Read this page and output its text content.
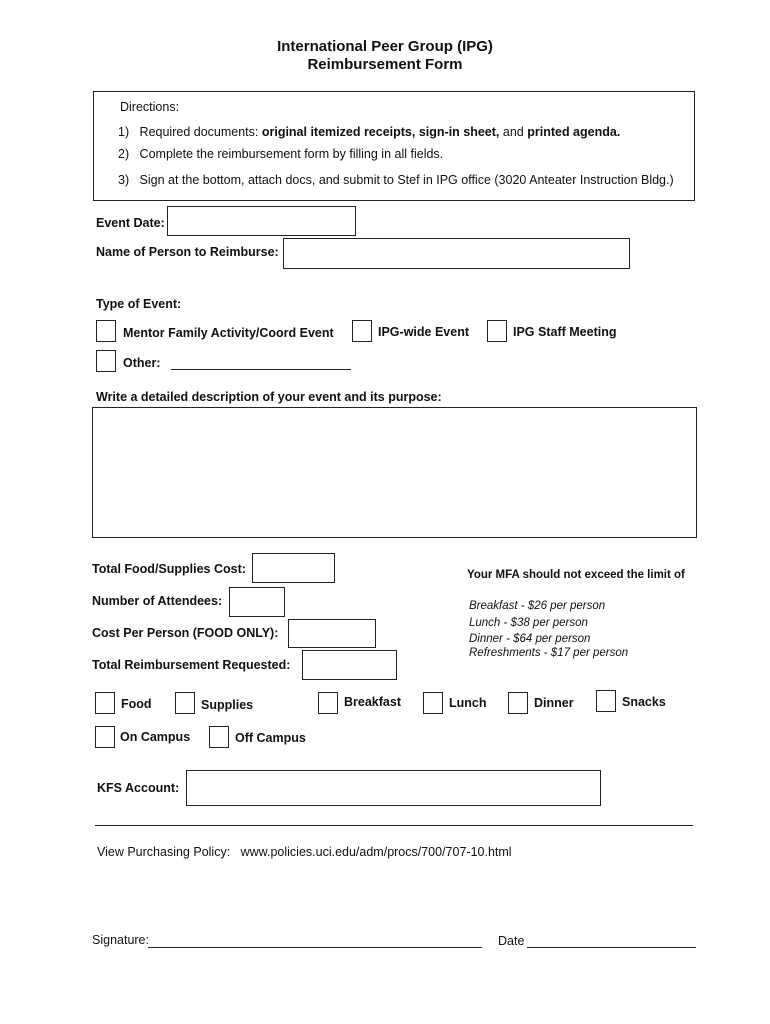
International Peer Group (IPG)
Reimbursement Form
Directions:
1) Required documents: original itemized receipts, sign-in sheet, and printed agenda.
2) Complete the reimbursement form by filling in all fields.
3) Sign at the bottom, attach docs, and submit to Stef in IPG office (3020 Anteater Instruction Bldg.)
Event Date:
Name of Person to Reimburse:
Type of Event:
Mentor Family Activity/Coord Event	IPG-wide Event	IPG Staff Meeting
Other:
Write a detailed description of your event and its purpose:
Total Food/Supplies Cost:
Number of Attendees:
Cost Per Person (FOOD ONLY):
Total Reimbursement Requested:
Your MFA should not exceed the limit of
Breakfast - $26 per person
Lunch - $38 per person
Dinner - $64 per person
Refreshments - $17 per person
Food	Supplies	Breakfast	Lunch	Dinner	Snacks
On Campus	Off Campus
KFS Account:
View Purchasing Policy: www.policies.uci.edu/adm/procs/700/707-10.html
Signature:	Date
